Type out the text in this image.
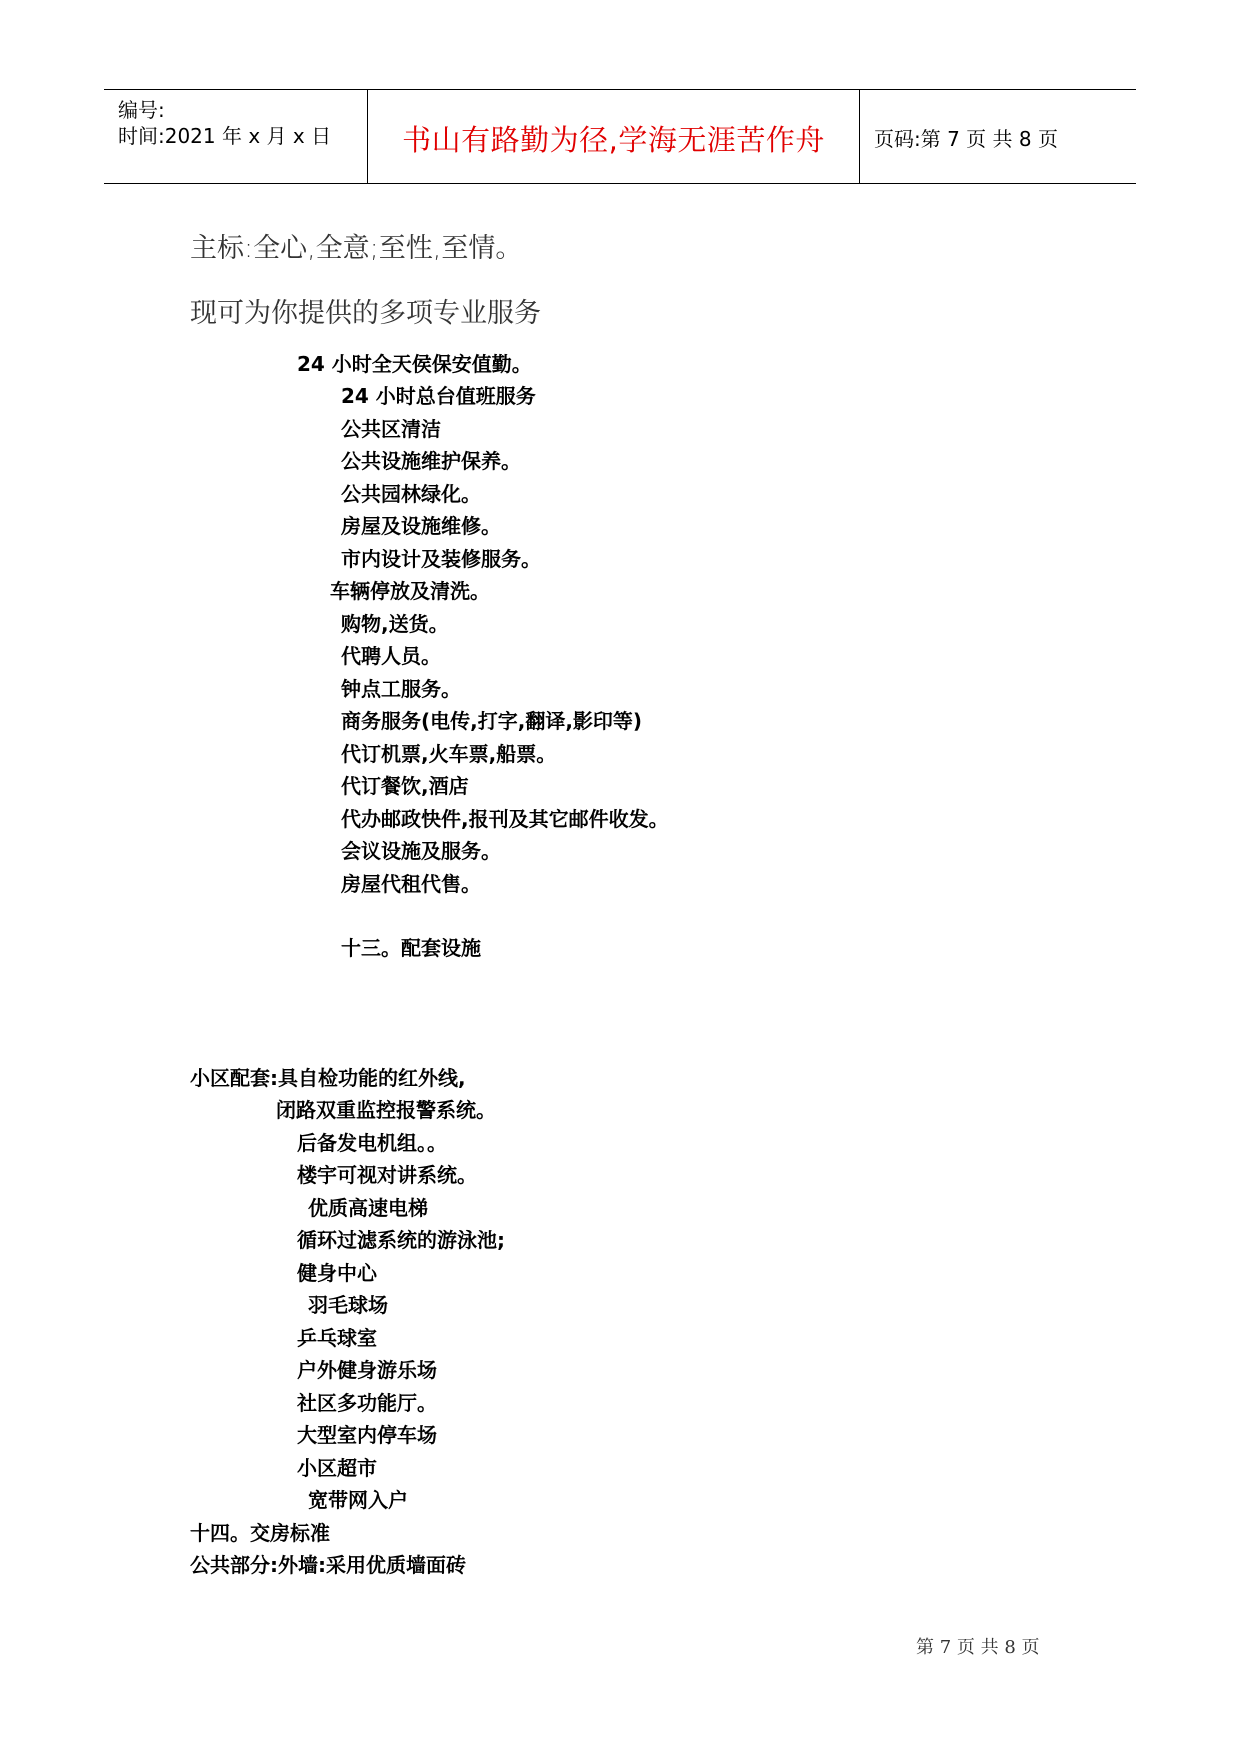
编号:
时间:2021 年 x 月 x 日	书山有路勤为径,学海无涯苦作舟	页码:第 7 页 共 8 页
主标:全心,全意;至性,至情。
现可为你提供的多项专业服务
24 小时全天侯保安值勤。
24 小时总台值班服务
公共区清洁
公共设施维护保养。
公共园林绿化。
房屋及设施维修。
市内设计及装修服务。
车辆停放及清洗。
购物,送货。
代聘人员。
钟点工服务。
商务服务(电传,打字,翻译,影印等)
代订机票,火车票,船票。
代订餐饮,酒店
代办邮政快件,报刊及其它邮件收发。
会议设施及服务。
房屋代租代售。
十三。配套设施
小区配套:具自检功能的红外线,
闭路双重监控报警系统。
后备发电机组。。
楼宇可视对讲系统。
优质高速电梯
循环过滤系统的游泳池;
健身中心
羽毛球场
乒乓球室
户外健身游乐场
社区多功能厅。
大型室内停车场
小区超市
宽带网入户
十四。交房标准
公共部分:外墙:采用优质墙面砖
第 7 页 共 8 页
